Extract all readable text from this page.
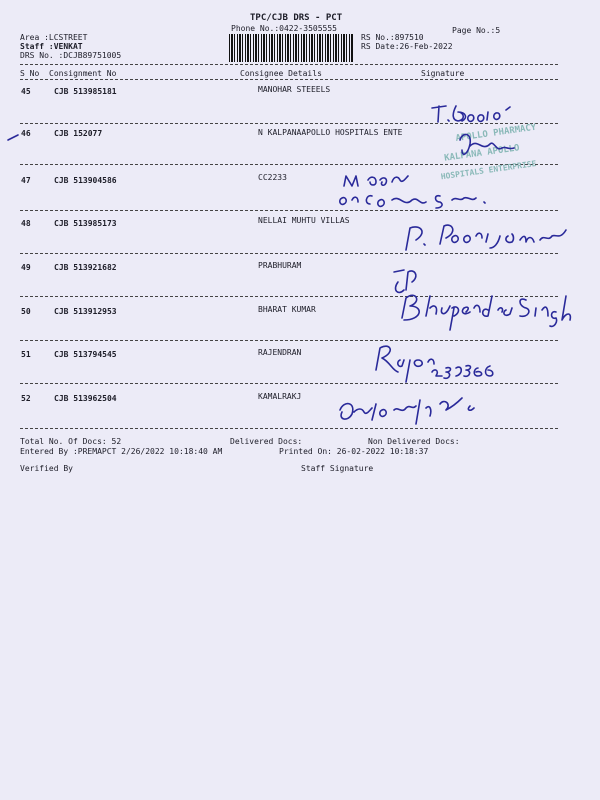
TPC/CJB DRS - PCT
Phone No.:0422-3505555	Page No.:5
Area :LCSTREET
Staff :VENKAT
DRS No. :DCJB89751005
RS No.:897510
RS Date:26-Feb-2022
S No Consignment No	Consignee Details	Signature
45	CJB 513985181	MANOHAR STEEELS
46	CJB 152077	N KALPANAAPOLLO HOSPITALS ENTE
47	CJB 513904586	CC2233
48	CJB 513985173	NELLAI MUHTU VILLAS
49	CJB 513921682	PRABHURAM
50	CJB 513912953	BHARAT KUMAR
51	CJB 513794545	RAJENDRAN
52	CJB 513962504	KAMALRAKJ
Total No. Of Docs: 52	Delivered Docs:	Non Delivered Docs:
Entered By :PREMAPCT 2/26/2022 10:18:40 AM	Printed On: 26-02-2022 10:18:37
Verified By	Staff Signature
APOLLO PHARMACY
KALPANA APOLLO
HOSPITALS ENTERPRISE
